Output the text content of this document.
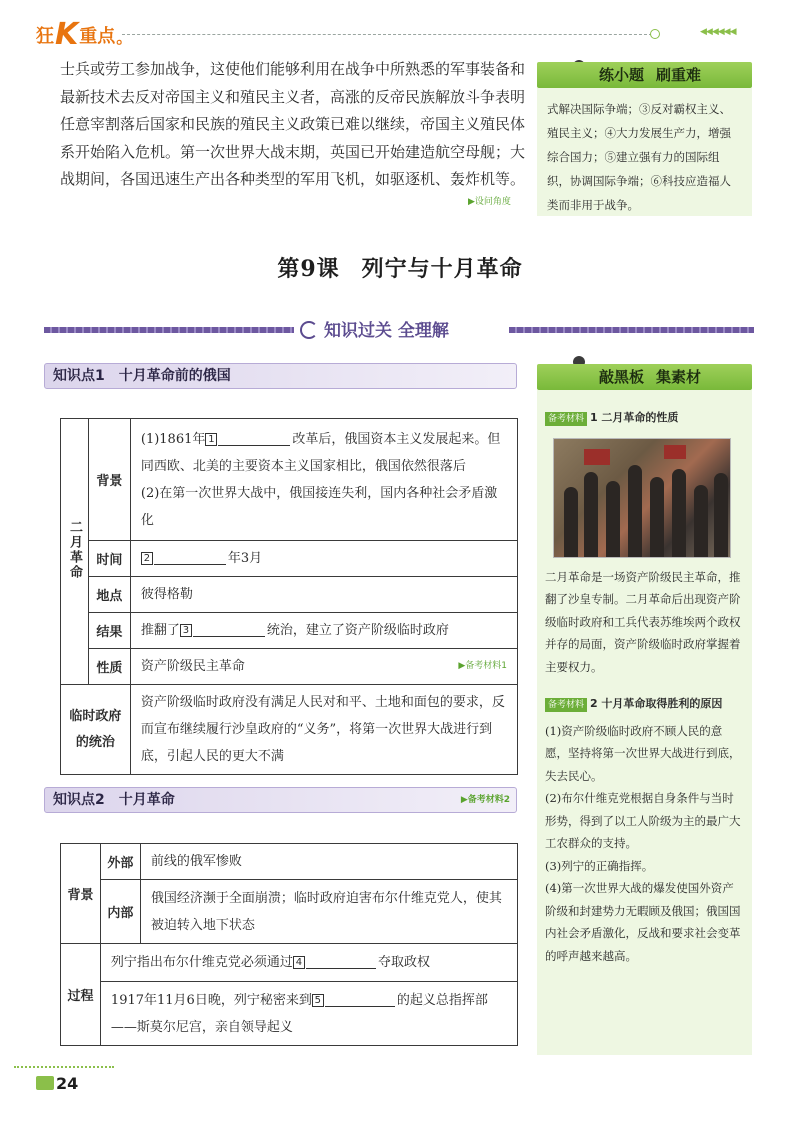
狂 K 重点 。	◀◀◀◀◀◀
士兵或劳工参加战争，这使他们能够利用在战争中所熟悉的军事装备和最新技术去反对帝国主义和殖民主义者，高涨的反帝民族解放斗争表明任意宰割落后国家和民族的殖民主义政策已难以继续，帝国主义殖民体系开始陷入危机。第一次世界大战末期，英国已开始建造航空母舰；大战期间，各国迅速生产出各种类型的军用飞机，如驱逐机、轰炸机等。
▶设问角度
练小题 刷重难
式解决国际争端；③反对霸权主义、殖民主义；④大力发展生产力，增强综合国力；⑤建立强有力的国际组织，协调国际争端；⑥科技应造福人类而非用于战争。
第9课 列宁与十月革命
知识过关 全理解
知识点1 十月革命前的俄国
二月革命	背景	(1)1861年 1 改革后，俄国资本主义发展起来。但同西欧、北美的主要资本主义国家相比，俄国依然很落后
(2)在第一次世界大战中，俄国接连失利，国内各种社会矛盾激化

	时间	2 年3月
	地点	彼得格勒
	结果	推翻了 3 统治，建立了资产阶级临时政府
	性质	资产阶级民主革命 ▶备考材料1

临时政府的统治		资产阶级临时政府没有满足人民对和平、土地和面包的要求，反而宣布继续履行沙皇政府的“义务”，将第一次世界大战进行到底，引起人民的更大不满
知识点2 十月革命	▶备考材料2
背景	外部	前线的俄军惨败
	内部	俄国经济濒于全面崩溃；临时政府迫害布尔什维克党人，使其被迫转入地下状态
过程	列宁指出布尔什维克党必须通过 4 夺取政权	
	1917年11月6日晚，列宁秘密来到 5 的起义总指挥部——斯莫尔尼宫，亲自领导起义	
敲黑板 集素材
备考材料 1 二月革命的性质
二月革命是一场资产阶级民主革命，推翻了沙皇专制。二月革命后出现资产阶级临时政府和工兵代表苏维埃两个政权并存的局面，资产阶级临时政府掌握着主要权力。
备考材料 2 十月革命取得胜利的原因
(1)资产阶级临时政府不顾人民的意愿，坚持将第一次世界大战进行到底，失去民心。
(2)布尔什维克党根据自身条件与当时形势，得到了以工人阶级为主的最广大工农群众的支持。
(3)列宁的正确指挥。
(4)第一次世界大战的爆发使国外资产阶级和封建势力无暇顾及俄国；俄国国内社会矛盾激化，反战和要求社会变革的呼声越来越高。
24
